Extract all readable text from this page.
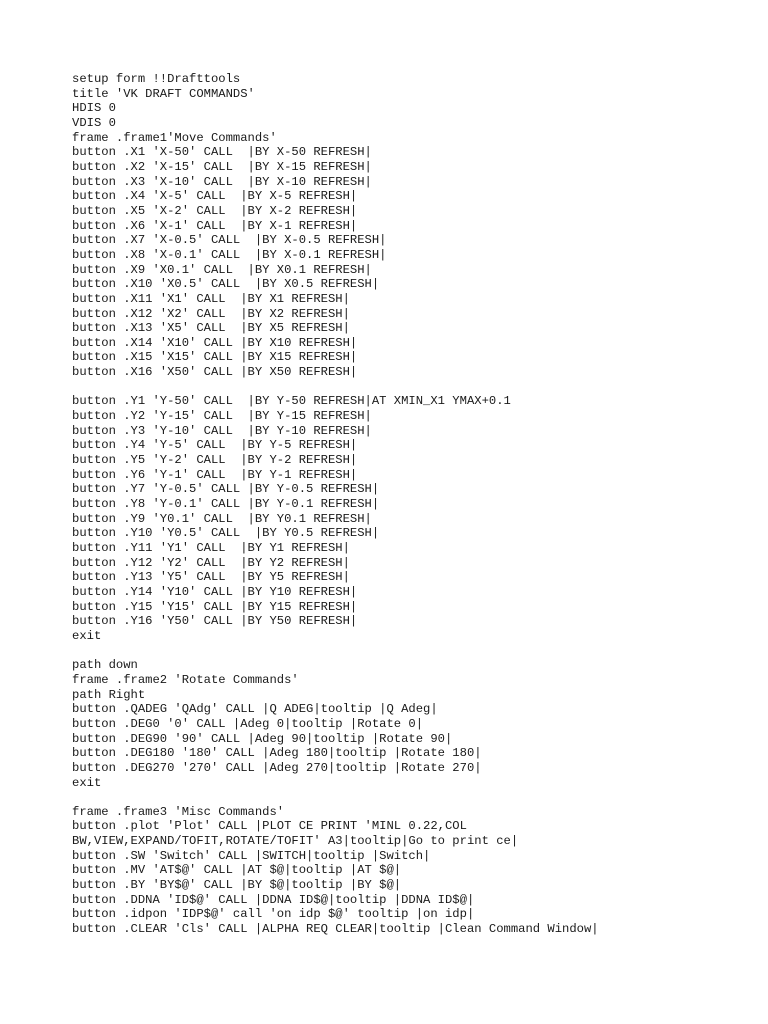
setup form !!Drafttools
title 'VK DRAFT COMMANDS'
HDIS 0
VDIS 0
frame .frame1'Move Commands'
button .X1 'X-50' CALL  |BY X-50 REFRESH|
button .X2 'X-15' CALL  |BY X-15 REFRESH|
button .X3 'X-10' CALL  |BY X-10 REFRESH|
button .X4 'X-5' CALL  |BY X-5 REFRESH|
button .X5 'X-2' CALL  |BY X-2 REFRESH|
button .X6 'X-1' CALL  |BY X-1 REFRESH|
button .X7 'X-0.5' CALL  |BY X-0.5 REFRESH|
button .X8 'X-0.1' CALL  |BY X-0.1 REFRESH|
button .X9 'X0.1' CALL  |BY X0.1 REFRESH|
button .X10 'X0.5' CALL  |BY X0.5 REFRESH|
button .X11 'X1' CALL  |BY X1 REFRESH|
button .X12 'X2' CALL  |BY X2 REFRESH|
button .X13 'X5' CALL  |BY X5 REFRESH|
button .X14 'X10' CALL |BY X10 REFRESH|
button .X15 'X15' CALL |BY X15 REFRESH|
button .X16 'X50' CALL |BY X50 REFRESH|
button .Y1 'Y-50' CALL  |BY Y-50 REFRESH|AT XMIN_X1 YMAX+0.1
button .Y2 'Y-15' CALL  |BY Y-15 REFRESH|
button .Y3 'Y-10' CALL  |BY Y-10 REFRESH|
button .Y4 'Y-5' CALL  |BY Y-5 REFRESH|
button .Y5 'Y-2' CALL  |BY Y-2 REFRESH|
button .Y6 'Y-1' CALL  |BY Y-1 REFRESH|
button .Y7 'Y-0.5' CALL |BY Y-0.5 REFRESH|
button .Y8 'Y-0.1' CALL |BY Y-0.1 REFRESH|
button .Y9 'Y0.1' CALL  |BY Y0.1 REFRESH|
button .Y10 'Y0.5' CALL  |BY Y0.5 REFRESH|
button .Y11 'Y1' CALL  |BY Y1 REFRESH|
button .Y12 'Y2' CALL  |BY Y2 REFRESH|
button .Y13 'Y5' CALL  |BY Y5 REFRESH|
button .Y14 'Y10' CALL |BY Y10 REFRESH|
button .Y15 'Y15' CALL |BY Y15 REFRESH|
button .Y16 'Y50' CALL |BY Y50 REFRESH|
exit
path down
frame .frame2 'Rotate Commands'
path Right
button .QADEG 'QAdg' CALL |Q ADEG|tooltip |Q Adeg|
button .DEG0 '0' CALL |Adeg 0|tooltip |Rotate 0|
button .DEG90 '90' CALL |Adeg 90|tooltip |Rotate 90|
button .DEG180 '180' CALL |Adeg 180|tooltip |Rotate 180|
button .DEG270 '270' CALL |Adeg 270|tooltip |Rotate 270|
exit
frame .frame3 'Misc Commands'
button .plot 'Plot' CALL |PLOT CE PRINT 'MINL 0.22,COL
BW,VIEW,EXPAND/TOFIT,ROTATE/TOFIT' A3|tooltip|Go to print ce|
button .SW 'Switch' CALL |SWITCH|tooltip |Switch|
button .MV 'AT$@' CALL |AT $@|tooltip |AT $@|
button .BY 'BY$@' CALL |BY $@|tooltip |BY $@|
button .DDNA 'ID$@' CALL |DDNA ID$@|tooltip |DDNA ID$@|
button .idpon 'IDP$@' call 'on idp $@' tooltip |on idp|
button .CLEAR 'Cls' CALL |ALPHA REQ CLEAR|tooltip |Clean Command Window|
